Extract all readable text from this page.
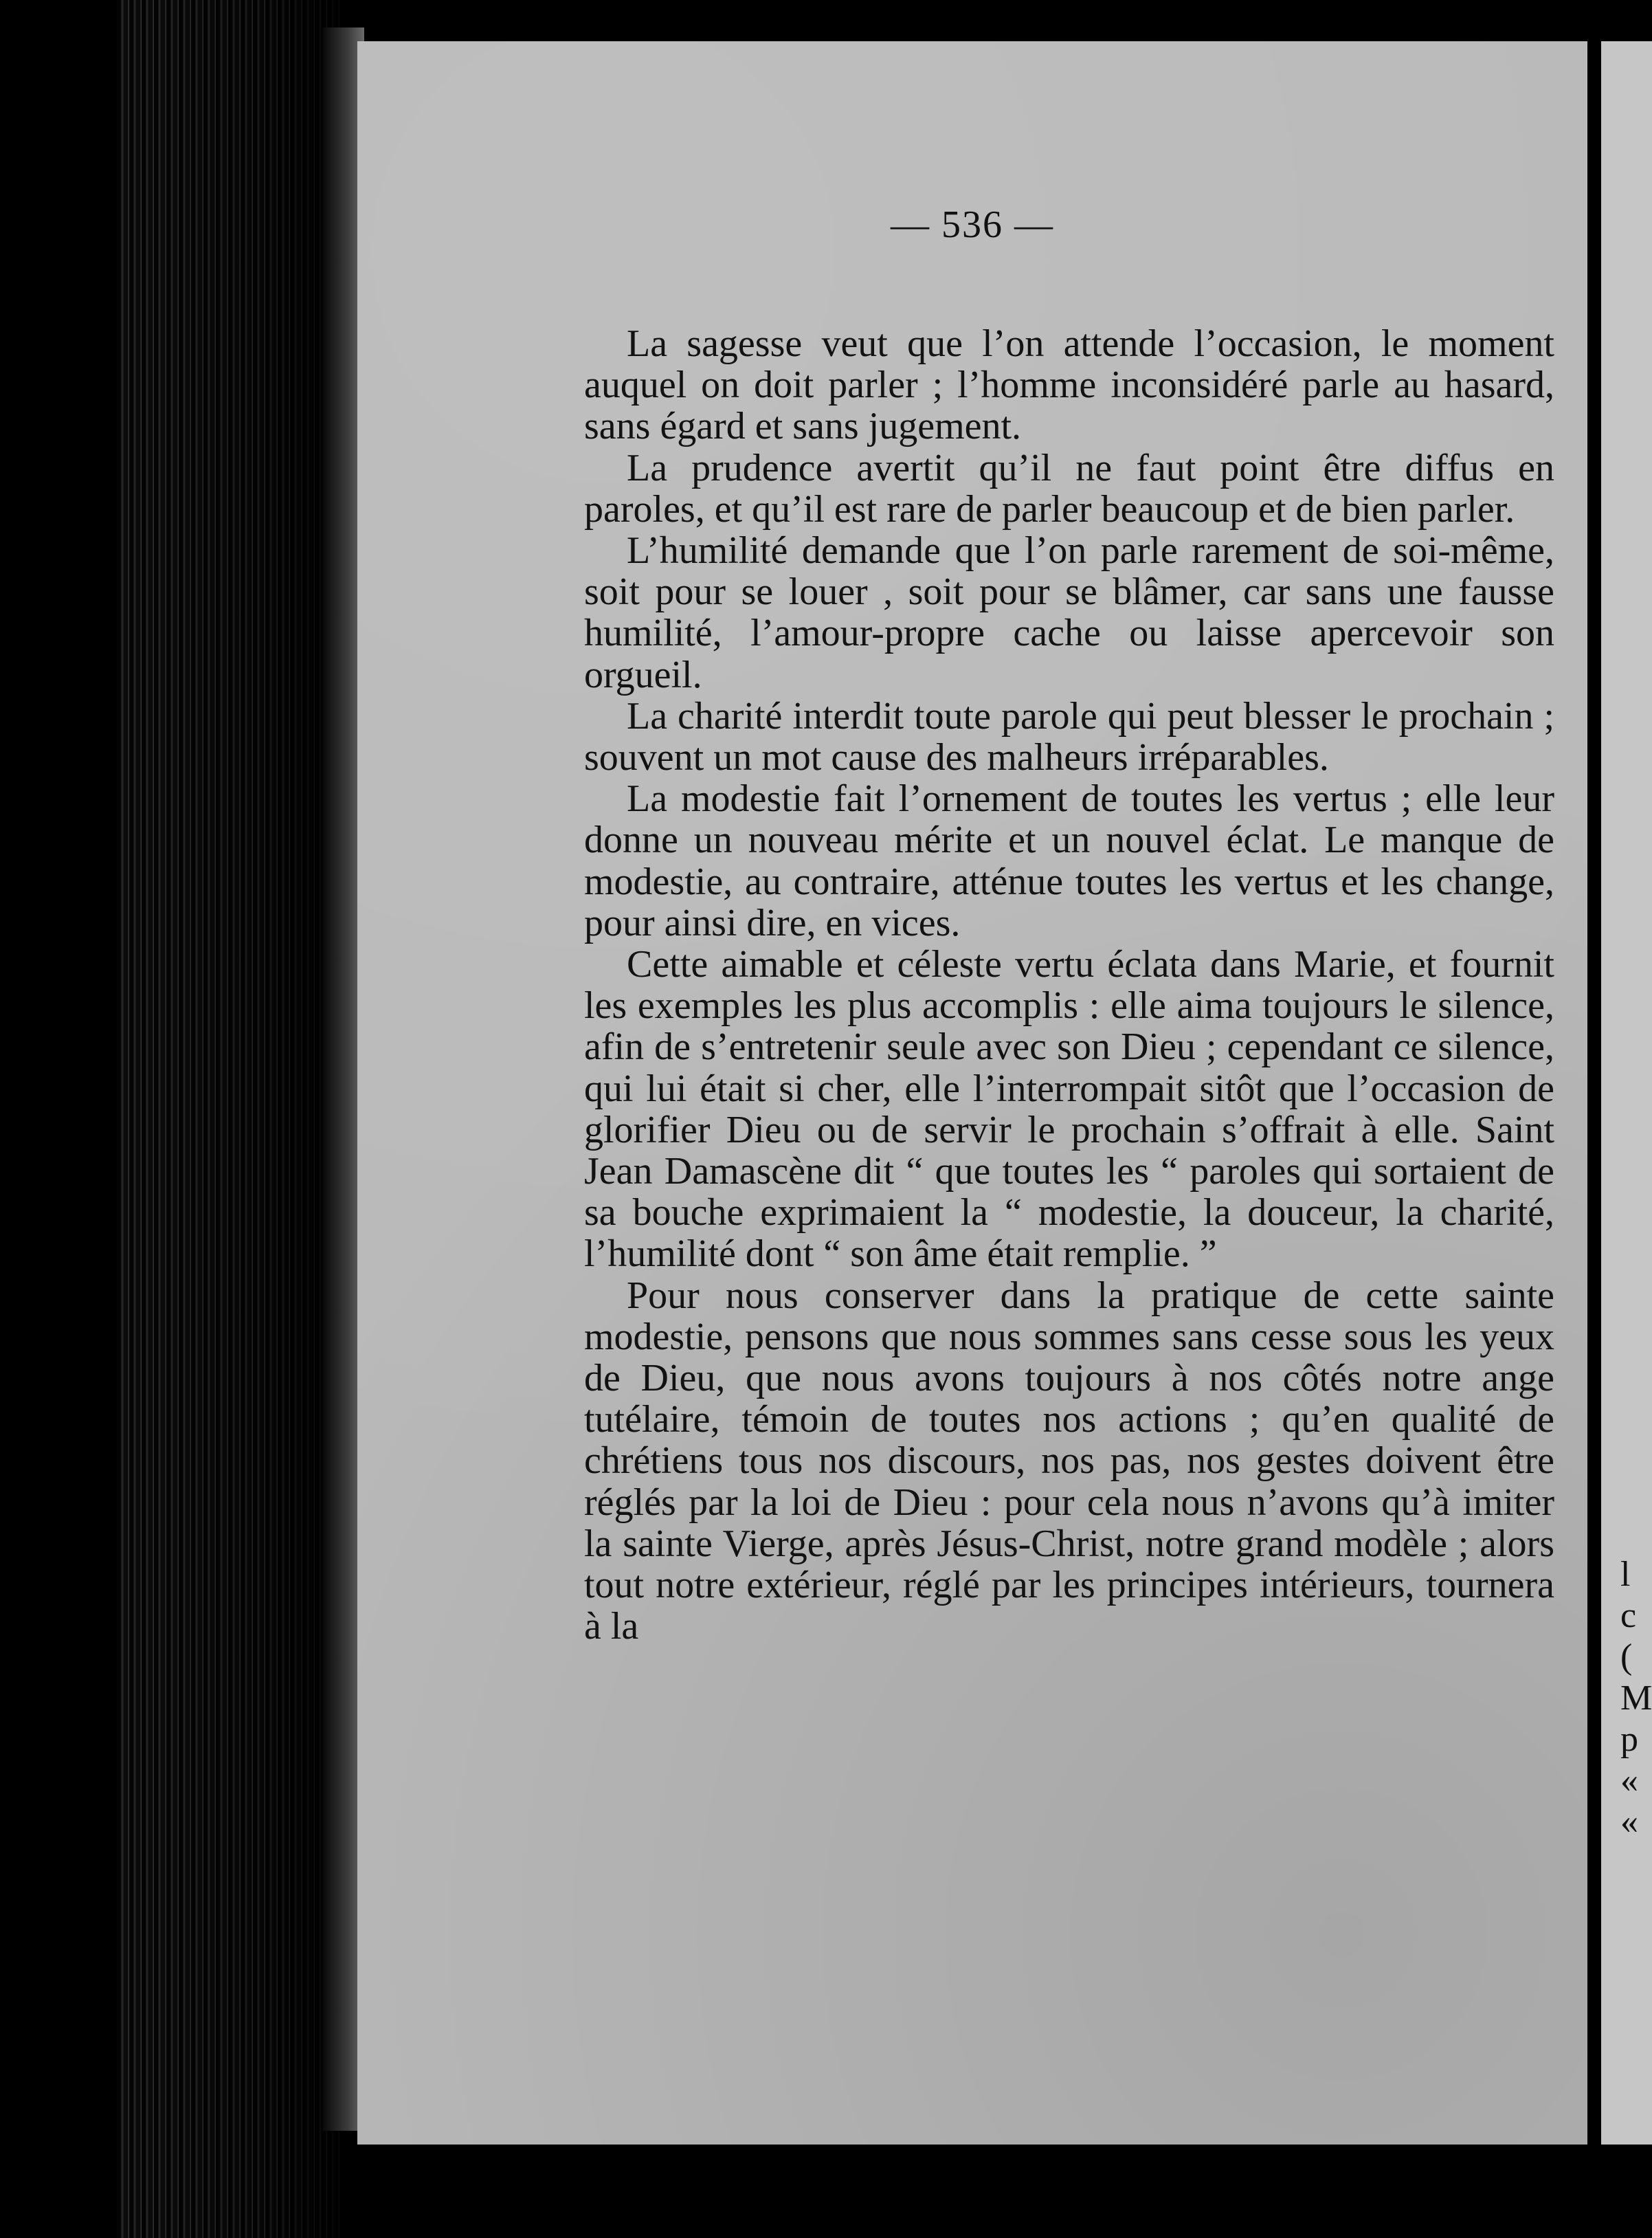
— 536 —

La sagesse veut que l’on attende l’occasion, le moment auquel on doit parler ; l’homme inconsidéré parle au hasard, sans égard et sans jugement.

La prudence avertit qu’il ne faut point être diffus en paroles, et qu’il est rare de parler beaucoup et de bien parler.

L’humilité demande que l’on parle rarement de soi-même, soit pour se louer , soit pour se blâmer, car sans une fausse humilité, l’amour-propre cache ou laisse apercevoir son orgueil.

La charité interdit toute parole qui peut blesser le prochain ; souvent un mot cause des malheurs irréparables.

La modestie fait l’ornement de toutes les vertus ; elle leur donne un nouveau mérite et un nouvel éclat. Le manque de modestie, au contraire, atténue toutes les vertus et les change, pour ainsi dire, en vices.

Cette aimable et céleste vertu éclata dans Marie, et fournit les exemples les plus accomplis : elle aima toujours le silence, afin de s’entretenir seule avec son Dieu ; cependant ce silence, qui lui était si cher, elle l’interrompait sitôt que l’occasion de glorifier Dieu ou de servir le prochain s’offrait à elle. Saint Jean Damascène dit “ que toutes les “ paroles qui sortaient de sa bouche exprimaient la “ modestie, la douceur, la charité, l’humilité dont “ son âme était remplie. ”

Pour nous conserver dans la pratique de cette sainte modestie, pensons que nous sommes sans cesse sous les yeux de Dieu, que nous avons toujours à nos côtés notre ange tutélaire, témoin de toutes nos actions ; qu’en qualité de chrétiens tous nos discours, nos pas, nos gestes doivent être réglés par la loi de Dieu : pour cela nous n’avons qu’à imiter la sainte Vierge, après Jésus-Christ, notre grand modèle ; alors tout notre extérieur, réglé par les principes intérieurs, tournera à la

l
c
(
M
p
«
«
